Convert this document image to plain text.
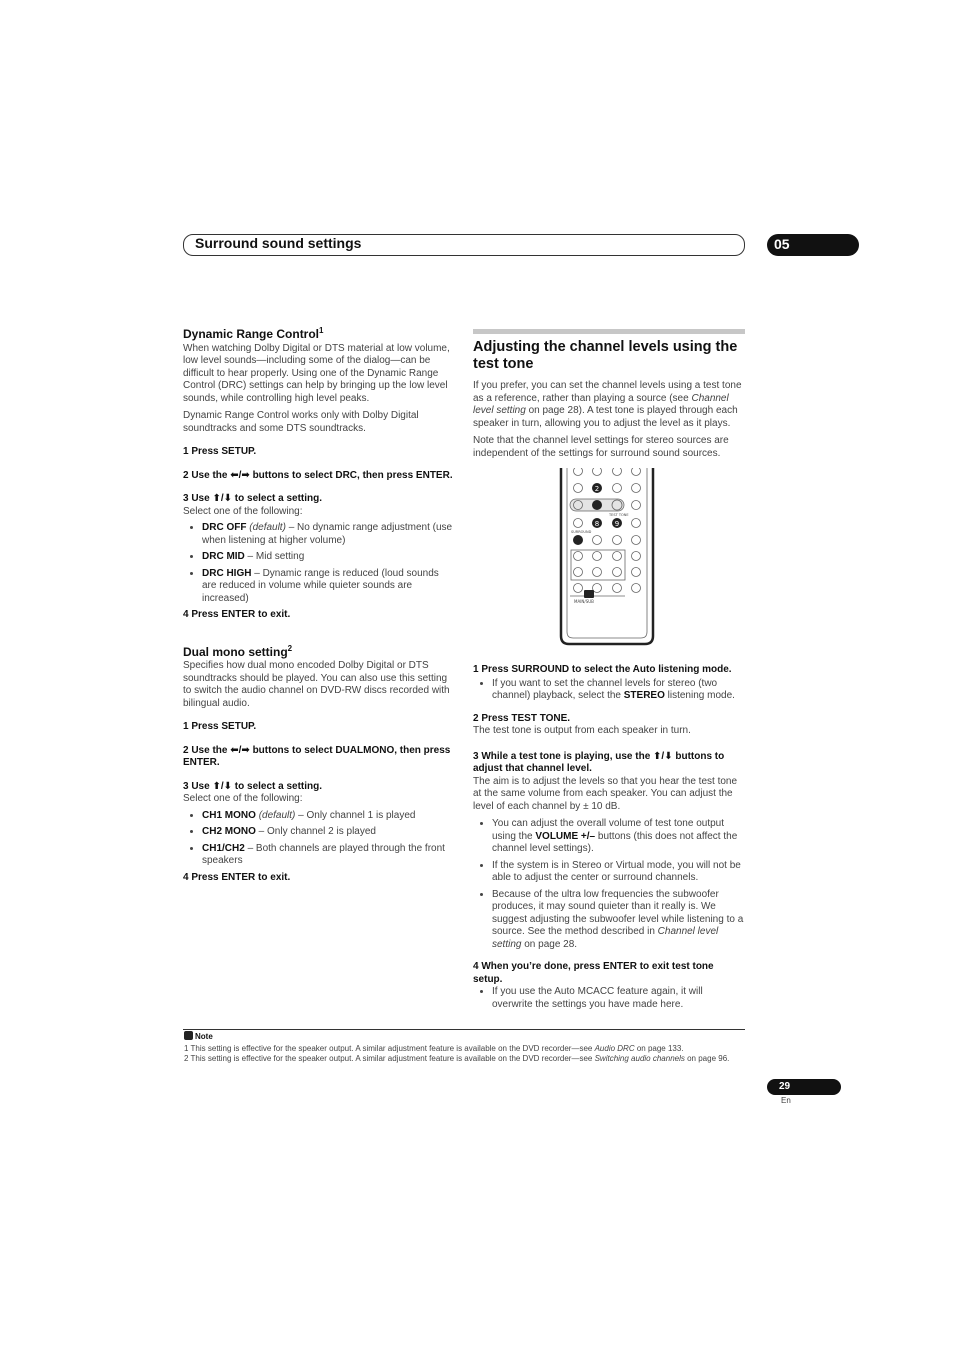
Surround sound settings	05
Dynamic Range Control$^1$

When watching Dolby Digital or DTS material at low volume, low level sounds—including some of the dialog—can be difficult to hear properly. Using one of the Dynamic Range Control (DRC) settings can help by bringing up the low level sounds, while controlling high level peaks.

Dynamic Range Control works only with Dolby Digital soundtracks and some DTS soundtracks.

1 Press SETUP.

2 Use the ⬅/➡ buttons to select DRC, then press ENTER.

3 Use ⬆/⬇ to select a setting.

Select one of the following:

• DRC OFF (default) – No dynamic range adjustment (use when listening at higher volume)
• DRC MID – Mid setting
• DRC HIGH – Dynamic range is reduced (loud sounds are reduced in volume while quieter sounds are increased)

4 Press ENTER to exit.

Dual mono setting$^2$

Specifies how dual mono encoded Dolby Digital or DTS soundtracks should be played. You can also use this setting to switch the audio channel on DVD-RW discs recorded with bilingual audio.

1 Press SETUP.

2 Use the ⬅/➡ buttons to select DUALMONO, then press ENTER.

3 Use ⬆/⬇ to select a setting.

Select one of the following:

• CH1 MONO (default) – Only channel 1 is played
• CH2 MONO – Only channel 2 is played
• CH1/CH2 – Both channels are played through the front speakers

4 Press ENTER to exit.

Adjusting the channel levels using the test tone

If you prefer, you can set the channel levels using a test tone as a reference, rather than playing a source (see Channel level setting on page 28). A test tone is played through each speaker in turn, allowing you to adjust the level as it plays.

Note that the channel level settings for stereo sources are independent of the settings for surround sound sources.

2
8 9
SURROUND
TEST TONE
MAIN/SUB

1 Press SURROUND to select the Auto listening mode.

• If you want to set the channel levels for stereo (two channel) playback, select the STEREO listening mode.

2 Press TEST TONE.

The test tone is output from each speaker in turn.

3 While a test tone is playing, use the ⬆/⬇ buttons to adjust that channel level.

The aim is to adjust the levels so that you hear the test tone at the same volume from each speaker. You can adjust the level of each channel by ± 10 dB.

• You can adjust the overall volume of test tone output using the VOLUME +/– buttons (this does not affect the channel level settings).
• If the system is in Stereo or Virtual mode, you will not be able to adjust the center or surround channels.
• Because of the ultra low frequencies the subwoofer produces, it may sound quieter than it really is. We suggest adjusting the subwoofer level while listening to a source. See the method described in Channel level setting on page 28.

4 When you’re done, press ENTER to exit test tone setup.

• If you use the Auto MCACC feature again, it will overwrite the settings you have made here.
Note
1 This setting is effective for the speaker output. A similar adjustment feature is available on the DVD recorder—see Audio DRC on page 133.
2 This setting is effective for the speaker output. A similar adjustment feature is available on the DVD recorder—see Switching audio channels on page 96.
29
En
